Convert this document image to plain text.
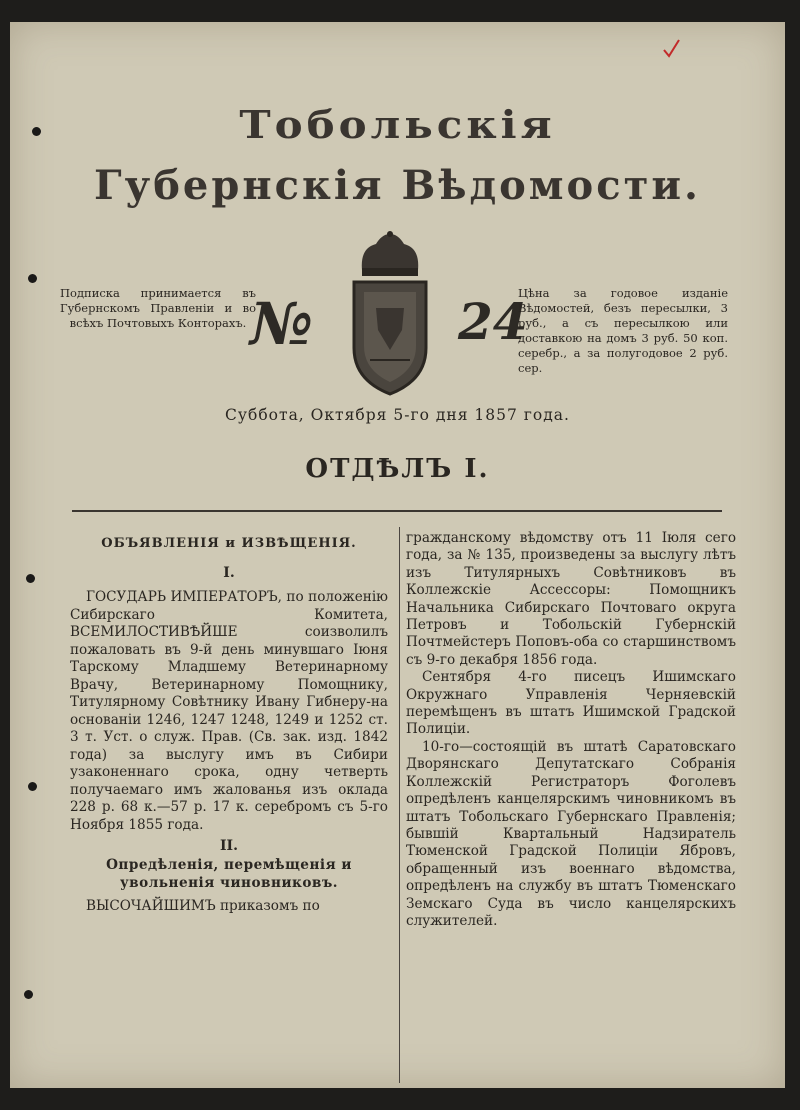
Тобольскія
Губернскія Вѣдомости.
Подписка принимается въ Губернскомъ Правленіи и во всѣхъ Почтовыхъ Конторахъ. №	24
Цѣна за годовое изданіе Вѣдомостей, безъ пересылки, 3 руб., а съ пересылкою или доставкою на домъ 3 руб. 50 коп. серебр., а за полугодовое 2 руб. сер.
Суббота, Октября 5-го дня 1857 года.
ОТДѢЛЪ I.
ОБЪЯВЛЕНІЯ и ИЗВѢЩЕНІЯ.
I.

ГОСУДАРЬ ИМПЕРАТОРЪ, по положенію Сибирскаго Комитета, ВСЕМИЛОСТИВѢЙШЕ соизволилъ пожаловать въ 9-й день минувшаго Іюня Тарскому Младшему Ветеринарному Врачу, Ветеринарному Помощнику, Титулярному Совѣтнику Ивану Гибнеру-на основаніи 1246, 1247 1248, 1249 и 1252 ст. 3 т. Уст. о служ. Прав. (Св. зак. изд. 1842 года) за выслугу имъ въ Сибири узаконеннаго срока, одну четверть получаемаго имъ жалованья изъ оклада 228 р. 68 к.—57 р. 17 к. серебромъ съ 5-го Ноября 1855 года.

II.
Опредѣленія, перемѣщенія и увольненія чиновниковъ.

ВЫСОЧАЙШИМЪ приказомъ по

гражданскому вѣдомству отъ 11 Іюля сего года, за № 135, произведены за выслугу лѣтъ изъ Титулярныхъ Совѣтниковъ въ Коллежскіе Ассессоры: Помощникъ Начальника Сибирскаго Почтоваго округа Петровъ и Тобольскій Губернскій Почтмейстеръ Поповъ-оба со старшинствомъ съ 9-го декабря 1856 года.

Сентября 4-го писецъ Ишимскаго Окружнаго Управленія Черняевскій перемѣщенъ въ штатъ Ишимской Градской Полиціи.

10-го—состоящій въ штатѣ Саратовскаго Дворянскаго Депутатскаго Собранія Коллежскій Регистраторъ Фоголевъ опредѣленъ канцелярскимъ чиновникомъ въ штатъ Тобольскаго Губернскаго Правленія; бывшій Квартальный Надзиратель Тюменской Градской Полиціи Ябровъ, обращенный изъ военнаго вѣдомства, опредѣленъ на службу въ штатъ Тюменскаго Земскаго Суда въ число канцелярскихъ служителей.
